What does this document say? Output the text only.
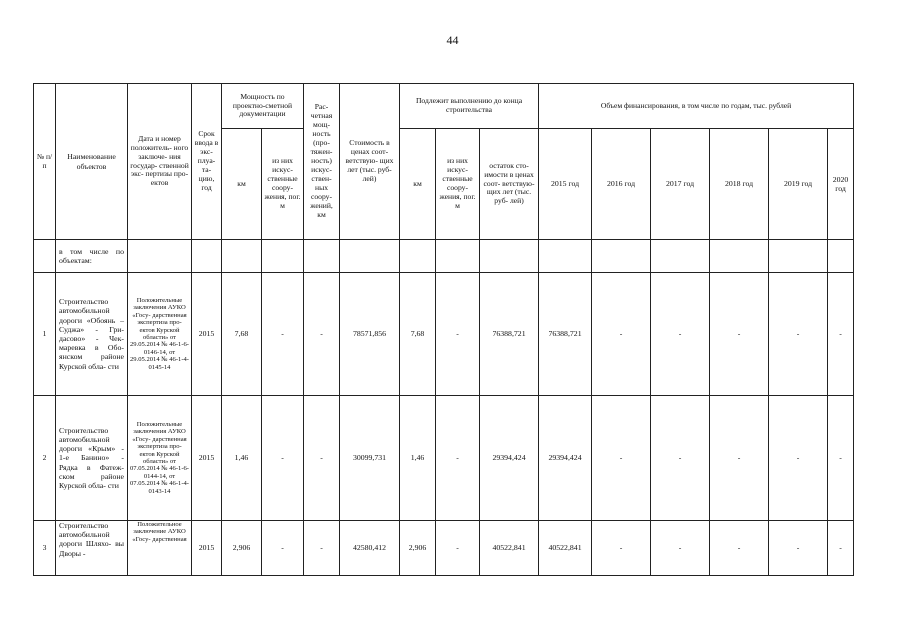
44
№ п/п	Наименование объектов	Дата и номер положитель- ного заключе- ния государ- ственной экс- пертизы про- ектов	Срок ввода в экс- плуа- та- цию, год	Мощность по проектно-сметной документации		Рас- четная мощ- ность (про- тяжен- ность) искус- ствен- ных соору- жений, км	Стоимость в ценах соот- ветствую- щих лет (тыс. руб- лей)	Подлежит выполнению до конца строительства			Объем финансирования, в том числе по годам, тыс. рублей					
				км	из них искус- ственные соору- жения, пог. м			км	из них искус- ственные соору- жения, пог. м	остаток сто- имости в ценах соот- ветствую- щих лет (тыс. руб- лей)	2015 год	2016 год	2017 год	2018 год	2019 год	2020 год
	в том числе по объектам:															
1	Строительство автомобильной дороги «Обоянь – Суджа» - Гри- дасово» - Чек- маревка в Обо- янском районе Курской обла- сти	Положительные заключения АУКО «Госу- дарственная экспертиза про- ектов Курской области» от 29.05.2014 № 46-1-6-0146-14, от 29.05.2014 № 46-1-4-0145-14	2015	7,68	-	-	78571,856	7,68	-	76388,721	76388,721	-	-	-	-	-
2	Строительство автомобильной дороги «Крым» - 1-е Банино» - Рядка в Фатеж- ском районе Курской обла- сти	Положительные заключения АУКО «Госу- дарственная экспертиза про- ектов Курской области» от 07.05.2014 № 46-1-6-0144-14, от 07.05.2014 № 46-1-4-0143-14	2015	1,46	-	-	30099,731	1,46	-	29394,424	29394,424	-	-	-	-	-
3	Строительство автомобильной дороги Шляхо- вы Дворы -	Положительное заключение АУКО «Госу- дарственная	2015	2,906	-	-	42580,412	2,906	-	40522,841	40522,841	-	-	-	-	-
